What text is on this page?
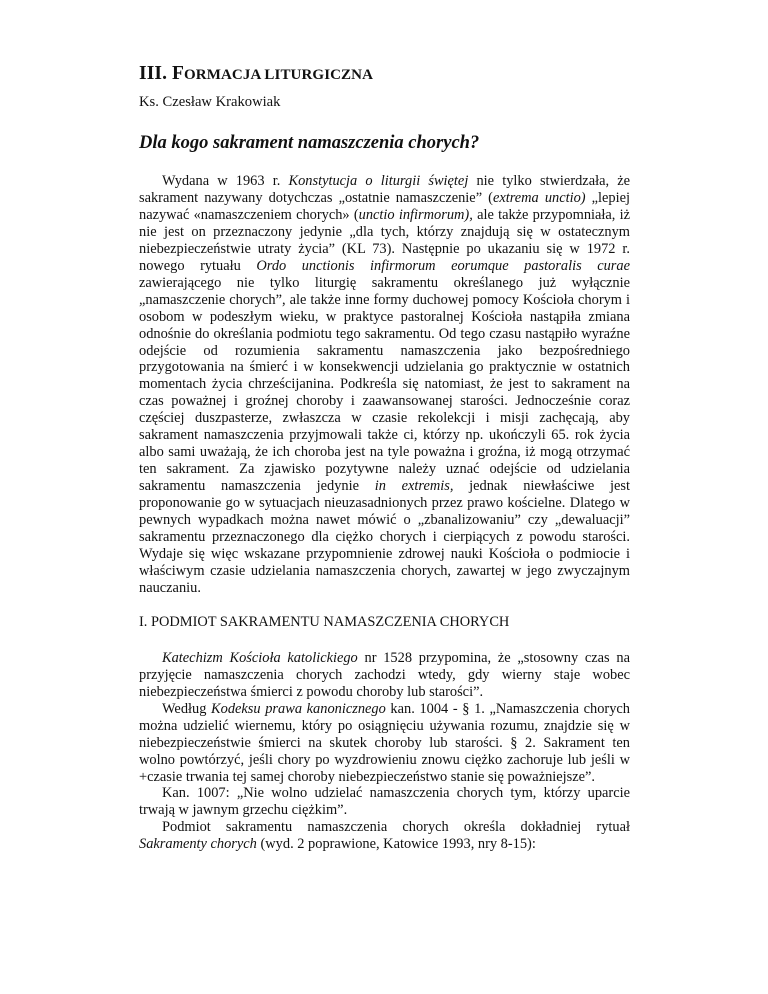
III. FORMACJA LITURGICZNA
Ks. Czesław Krakowiak
Dla kogo sakrament namaszczenia chorych?

Wydana w 1963 r. Konstytucja o liturgii świętej nie tylko stwierdzała, że sakrament nazywany dotychczas „ostatnie namaszczenie” (extrema unctio) „lepiej nazywać «namaszczeniem chorych» (unctio infirmorum), ale także przypomniała, iż nie jest on przeznaczony jedynie „dla tych, którzy znajdują się w ostatecznym niebezpieczeństwie utraty życia” (KL 73). Następnie po ukazaniu się w 1972 r. nowego rytuału Ordo unctionis infirmorum eorumque pastoralis curae zawierającego nie tylko liturgię sakramentu określanego już wyłącznie „namaszczenie chorych”, ale także inne formy duchowej pomocy Kościoła chorym i osobom w podeszłym wieku, w praktyce pastoralnej Kościoła nastąpiła zmiana odnośnie do określania podmiotu tego sakramentu. Od tego czasu nastąpiło wyraźne odejście od rozumienia sakramentu namaszczenia jako bezpośredniego przygotowania na śmierć i w konsekwencji udzielania go praktycznie w ostatnich momentach życia chrześcijanina. Podkreśla się natomiast, że jest to sakrament na czas poważnej i groźnej choroby i zaawansowanej starości. Jednocześnie coraz częściej duszpasterze, zwłaszcza w czasie rekolekcji i misji zachęcają, aby sakrament namaszczenia przyjmowali także ci, którzy np. ukończyli 65. rok życia albo sami uważają, że ich choroba jest na tyle poważna i groźna, iż mogą otrzymać ten sakrament. Za zjawisko pozytywne należy uznać odejście od udzielania sakramentu namaszczenia jedynie in extremis, jednak niewłaściwe jest proponowanie go w sytuacjach nieuzasadnionych przez prawo kościelne. Dlatego w pewnych wypadkach można nawet mówić o „zbanalizowaniu” czy „dewaluacji” sakramentu przeznaczonego dla ciężko chorych i cierpiących z powodu starości. Wydaje się więc wskazane przypomnienie zdrowej nauki Kościoła o podmiocie i właściwym czasie udzielania namaszczenia chorych, zawartej w jego zwyczajnym nauczaniu.

I. PODMIOT SAKRAMENTU NAMASZCZENIA CHORYCH

Katechizm Kościoła katolickiego nr 1528 przypomina, że „stosowny czas na przyjęcie namaszczenia chorych zachodzi wtedy, gdy wierny staje wobec niebezpieczeństwa śmierci z powodu choroby lub starości”.

Według Kodeksu prawa kanonicznego kan. 1004 - § 1. „Namaszczenia chorych można udzielić wiernemu, który po osiągnięciu używania rozumu, znajdzie się w niebezpieczeństwie śmierci na skutek choroby lub starości. § 2. Sakrament ten wolno powtórzyć, jeśli chory po wyzdrowieniu znowu ciężko zachoruje lub jeśli w +czasie trwania tej samej choroby niebezpieczeństwo stanie się poważniejsze”.

Kan. 1007: „Nie wolno udzielać namaszczenia chorych tym, którzy uparcie trwają w jawnym grzechu ciężkim”.

Podmiot sakramentu namaszczenia chorych określa dokładniej rytuał Sakramenty chorych (wyd. 2 poprawione, Katowice 1993, nry 8-15):
